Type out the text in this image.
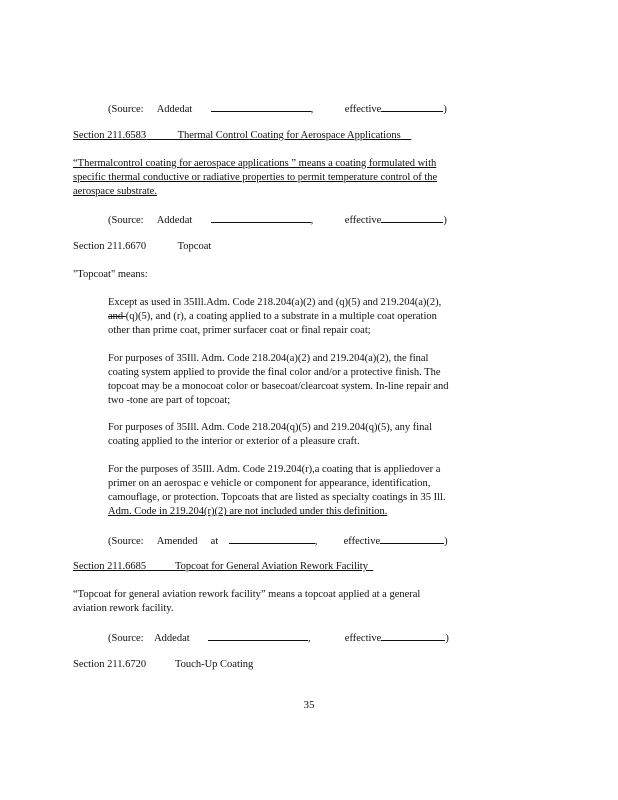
(Source: Addedat	,	effective	)
Section 211.6583	Thermal Control Coating for Aerospace Applications
“Thermalcontrol coating for aerospace applications ” means a coating formulated with
specific thermal conductive or radiative properties to permit temperature control of the
aerospace substrate.
(Source: Addedat	,	effective	)
Section 211.6670	Topcoat
"Topcoat" means:
Except as used in 35Ill.Adm. Code 218.204(a)(2) and (q)(5) and 219.204(a)(2),
and (q)(5), and (r), a coating applied to a substrate in a multiple coat operation
other than prime coat, primer surfacer coat or final repair coat;
For purposes of 35Ill. Adm. Code 218.204(a)(2) and 219.204(a)(2), the final
coating system applied to provide the final color and/or a protective finish. The
topcoat may be a monocoat color or basecoat/clearcoat system. In-line repair and
two -tone are part of topcoat;
For purposes of 35Ill. Adm. Code 218.204(q)(5) and 219.204(q)(5), any final
coating applied to the interior or exterior of a pleasure craft.
For the purposes of 35Ill. Adm. Code 219.204(r),a coating that is appliedover a
primer on an aerospac e vehicle or component for appearance, identification,
camouflage, or protection. Topcoats that are listed as specialty coatings in 35 Ill.
Adm. Code in 219.204(r)(2) are not included under this definition.
(Source: Amended at	,	effective	)
Section 211.6685	Topcoat for General Aviation Rework Facility
“Topcoat for general aviation rework facility” means a topcoat applied at a general
aviation rework facility.
(Source: Addedat	,	effective	)
Section 211.6720	Touch-Up Coating
35
